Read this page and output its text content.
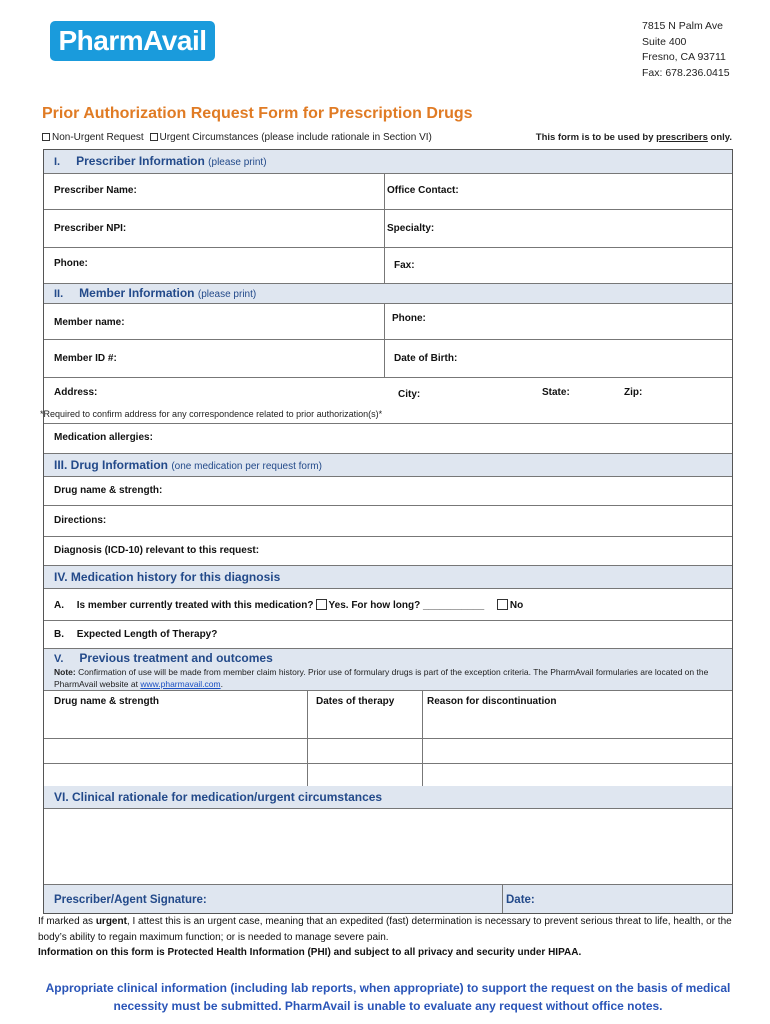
PharmAvail	7815 N Palm Ave
Suite 400
Fresno, CA 93711
Fax: 678.236.0415
Prior Authorization Request Form for Prescription Drugs
Non-Urgent Request Urgent Circumstances (please include rationale in Section VI)	This form is to be used by prescribers only.
I. Prescriber Information (please print)
Prescriber Name:	Office Contact:
Prescriber NPI:	Specialty:
Phone:	Fax:
II. Member Information (please print)
Member name:	Phone:
Member ID #:	Date of Birth:
Address:	City:	State:	Zip:
*Required to confirm address for any correspondence related to prior authorization(s)*
Medication allergies:
III. Drug Information (one medication per request form)
Drug name & strength:
Directions:
Diagnosis (ICD-10) relevant to this request:
IV. Medication history for this diagnosis
A. Is member currently treated with this medication? Yes. For how long? ___________	No
B. Expected Length of Therapy?
V. Previous treatment and outcomes
Note: Confirmation of use will be made from member claim history. Prior use of formulary drugs is part of the exception criteria. The PharmAvail formularies are located on the PharmAvail website at www.pharmavail.com.
Drug name & strength	Dates of therapy	Reason for discontinuation
VI. Clinical rationale for medication/urgent circumstances
Prescriber/Agent Signature:	Date:
If marked as urgent, I attest this is an urgent case, meaning that an expedited (fast) determination is necessary to prevent serious threat to life, health, or the body’s ability to regain maximum function; or is needed to manage severe pain.
Information on this form is Protected Health Information (PHI) and subject to all privacy and security under HIPAA.
Appropriate clinical information (including lab reports, when appropriate) to support the request on the basis of medical necessity must be submitted. PharmAvail is unable to evaluate any request without office notes.
